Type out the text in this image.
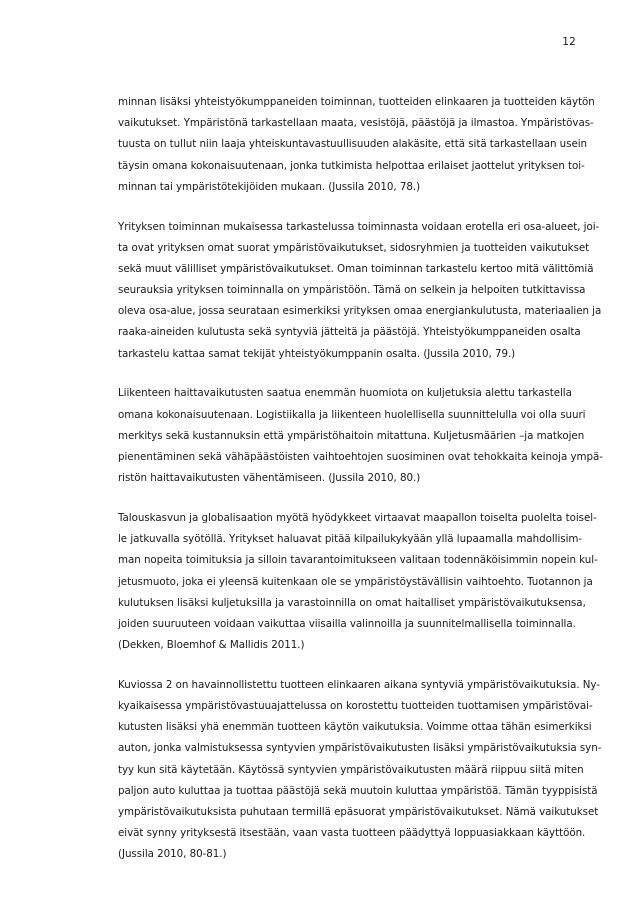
12
minnan lisäksi yhteistyökumppaneiden toiminnan, tuotteiden elinkaaren ja tuotteiden käytön
vaikutukset. Ympäristönä tarkastellaan maata, vesistöjä, päästöjä ja ilmastoa. Ympäristövas-
tuusta on tullut niin laaja yhteiskuntavastuullisuuden alakäsite, että sitä tarkastellaan usein
täysin omana kokonaisuutenaan, jonka tutkimista helpottaa erilaiset jaottelut yrityksen toi-
minnan tai ympäristötekijöiden mukaan. (Jussila 2010, 78.)
Yrityksen toiminnan mukaisessa tarkastelussa toiminnasta voidaan erotella eri osa-alueet, joi-
ta ovat yrityksen omat suorat ympäristövaikutukset, sidosryhmien ja tuotteiden vaikutukset
sekä muut välilliset ympäristövaikutukset. Oman toiminnan tarkastelu kertoo mitä välittömiä
seurauksia yrityksen toiminnalla on ympäristöön. Tämä on selkein ja helpoiten tutkittavissa
oleva osa-alue, jossa seurataan esimerkiksi yrityksen omaa energiankulutusta, materiaalien ja
raaka-aineiden kulutusta sekä syntyviä jätteitä ja päästöjä. Yhteistyökumppaneiden osalta
tarkastelu kattaa samat tekijät yhteistyökumppanin osalta. (Jussila 2010, 79.)
Liikenteen haittavaikutusten saatua enemmän huomiota on kuljetuksia alettu tarkastella
omana kokonaisuutenaan. Logistiikalla ja liikenteen huolellisella suunnittelulla voi olla suuri
merkitys sekä kustannuksin että ympäristöhaitoin mitattuna. Kuljetusmäärien –ja matkojen
pienentäminen sekä vähäpäästöisten vaihtoehtojen suosiminen ovat tehokkaita keinoja ympä-
ristön haittavaikutusten vähentämiseen. (Jussila 2010, 80.)
Talouskasvun ja globalisaation myötä hyödykkeet virtaavat maapallon toiselta puolelta toisel-
le jatkuvalla syötöllä. Yritykset haluavat pitää kilpailukykyään yllä lupaamalla mahdollisim-
man nopeita toimituksia ja silloin tavarantoimitukseen valitaan todennäköisimmin nopein kul-
jetusmuoto, joka ei yleensä kuitenkaan ole se ympäristöystävällisin vaihtoehto. Tuotannon ja
kulutuksen lisäksi kuljetuksilla ja varastoinnilla on omat haitalliset ympäristövaikutuksensa,
joiden suuruuteen voidaan vaikuttaa viisailla valinnoilla ja suunnitelmallisella toiminnalla.
(Dekken, Bloemhof & Mallidis 2011.)
Kuviossa 2 on havainnollistettu tuotteen elinkaaren aikana syntyviä ympäristövaikutuksia. Ny-
kyaikaisessa ympäristövastuuajattelussa on korostettu tuotteiden tuottamisen ympäristövai-
kutusten lisäksi yhä enemmän tuotteen käytön vaikutuksia. Voimme ottaa tähän esimerkiksi
auton, jonka valmistuksessa syntyvien ympäristövaikutusten lisäksi ympäristövaikutuksia syn-
tyy kun sitä käytetään. Käytössä syntyvien ympäristövaikutusten määrä riippuu siitä miten
paljon auto kuluttaa ja tuottaa päästöjä sekä muutoin kuluttaa ympäristöä. Tämän tyyppisistä
ympäristövaikutuksista puhutaan termillä epäsuorat ympäristövaikutukset. Nämä vaikutukset
eivät synny yrityksestä itsestään, vaan vasta tuotteen päädyttyä loppuasiakkaan käyttöön.
(Jussila 2010, 80-81.)
